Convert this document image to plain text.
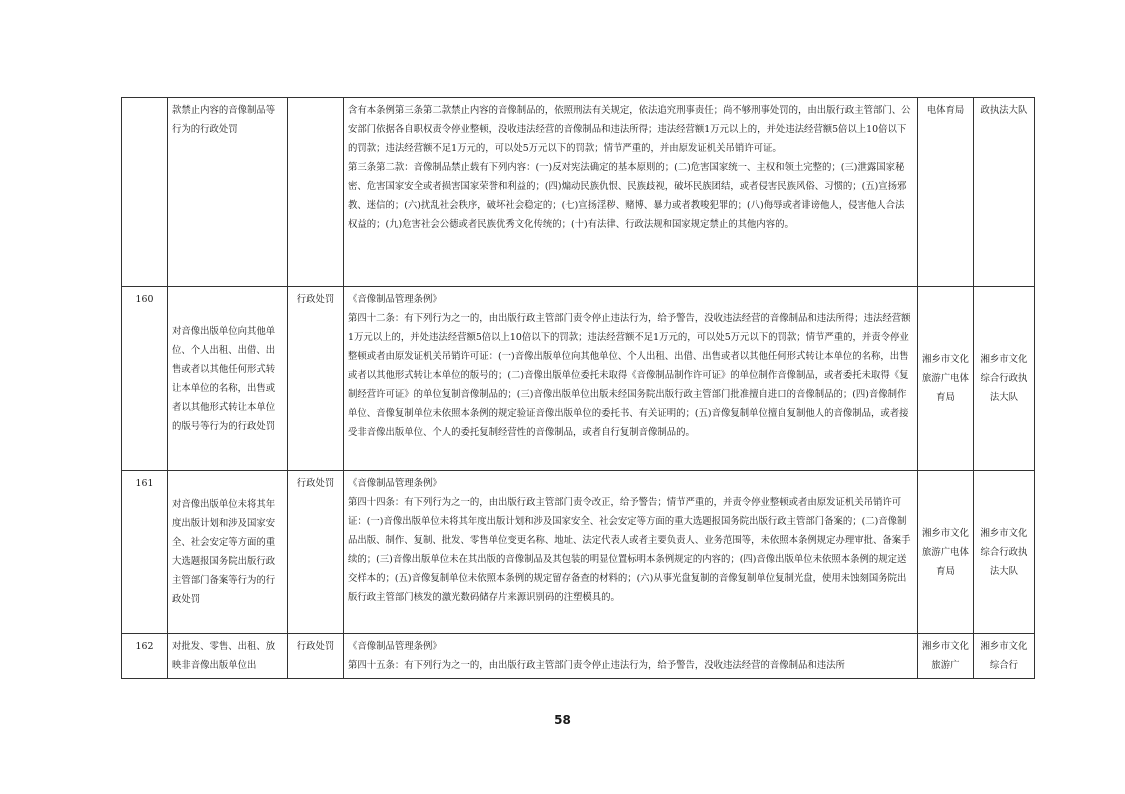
	款禁止内容的音像制品等行为的行政处罚		含有本条例第三条第二款禁止内容的音像制品的，依照刑法有关规定，依法追究刑事责任；尚不够刑事处罚的，由出版行政主管部门、公安部门依据各自职权责令停业整顿，没收违法经营的音像制品和违法所得；违法经营额1万元以上的，并处违法经营额5倍以上10倍以下的罚款；违法经营额不足1万元的，可以处5万元以下的罚款；情节严重的，并由原发证机关吊销许可证。

第三条第二款：音像制品禁止载有下列内容：(一)反对宪法确定的基本原则的；(二)危害国家统一、主权和领土完整的；(三)泄露国家秘密、危害国家安全或者损害国家荣誉和利益的；(四)煽动民族仇恨、民族歧视，破坏民族团结，或者侵害民族风俗、习惯的；(五)宣扬邪教、迷信的；(六)扰乱社会秩序，破坏社会稳定的；(七)宣扬淫秽、赌博、暴力或者教唆犯罪的；(八)侮辱或者诽谤他人，侵害他人合法权益的；(九)危害社会公德或者民族优秀文化传统的；(十)有法律、行政法规和国家规定禁止的其他内容的。	电体育局	政执法大队
160	对音像出版单位向其他单位、个人出租、出借、出售或者以其他任何形式转让本单位的名称，出售或者以其他形式转让本单位的版号等行为的行政处罚	行政处罚	《音像制品管理条例》

第四十二条：有下列行为之一的，由出版行政主管部门责令停止违法行为，给予警告，没收违法经营的音像制品和违法所得；违法经营额1万元以上的，并处违法经营额5倍以上10倍以下的罚款；违法经营额不足1万元的，可以处5万元以下的罚款；情节严重的，并责令停业整顿或者由原发证机关吊销许可证：(一)音像出版单位向其他单位、个人出租、出借、出售或者以其他任何形式转让本单位的名称，出售或者以其他形式转让本单位的版号的；(二)音像出版单位委托未取得《音像制品制作许可证》的单位制作音像制品，或者委托未取得《复制经营许可证》的单位复制音像制品的；(三)音像出版单位出版未经国务院出版行政主管部门批准擅自进口的音像制品的；(四)音像制作单位、音像复制单位未依照本条例的规定验证音像出版单位的委托书、有关证明的；(五)音像复制单位擅自复制他人的音像制品，或者接受非音像出版单位、个人的委托复制经营性的音像制品，或者自行复制音像制品的。	湘乡市文化旅游广电体育局	湘乡市文化综合行政执法大队
161	对音像出版单位未将其年度出版计划和涉及国家安全、社会安定等方面的重大选题报国务院出版行政主管部门备案等行为的行政处罚	行政处罚	《音像制品管理条例》

第四十四条：有下列行为之一的，由出版行政主管部门责令改正，给予警告；情节严重的，并责令停业整顿或者由原发证机关吊销许可证：(一)音像出版单位未将其年度出版计划和涉及国家安全、社会安定等方面的重大选题报国务院出版行政主管部门备案的；(二)音像制品出版、制作、复制、批发、零售单位变更名称、地址、法定代表人或者主要负责人、业务范围等，未依照本条例规定办理审批、备案手续的；(三)音像出版单位未在其出版的音像制品及其包装的明显位置标明本条例规定的内容的；(四)音像出版单位未依照本条例的规定送交样本的；(五)音像复制单位未依照本条例的规定留存备查的材料的；(六)从事光盘复制的音像复制单位复制光盘，使用未蚀刻国务院出版行政主管部门核发的激光数码储存片来源识别码的注塑模具的。	湘乡市文化旅游广电体育局	湘乡市文化综合行政执法大队
162	对批发、零售、出租、放映非音像出版单位出	行政处罚	《音像制品管理条例》

第四十五条：有下列行为之一的，由出版行政主管部门责令停止违法行为，给予警告，没收违法经营的音像制品和违法所	湘乡市文化旅游广	湘乡市文化综合行
58
